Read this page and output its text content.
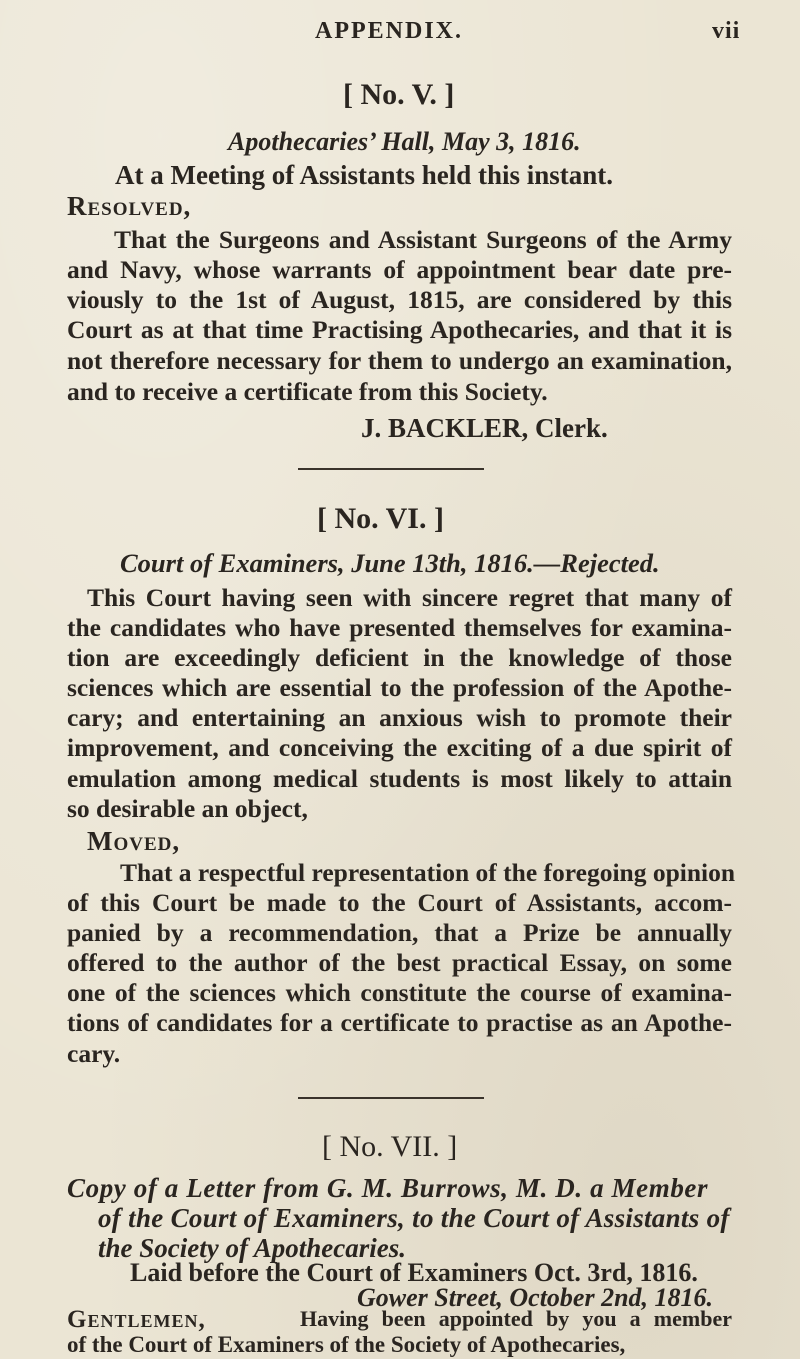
APPENDIX.	vii
[ No. V. ]
Apothecaries’ Hall, May 3, 1816.
At a Meeting of Assistants held this instant.
Resolved,
That the Surgeons and Assistant Surgeons of the Army
and Navy, whose warrants of appointment bear date pre-
viously to the 1st of August, 1815, are considered by this
Court as at that time Practising Apothecaries, and that it is
not therefore necessary for them to undergo an examination,
and to receive a certificate from this Society.
J. BACKLER, Clerk.
[ No. VI. ]
Court of Examiners, June 13th, 1816.—Rejected.
This Court having seen with sincere regret that many of
the candidates who have presented themselves for examina-
tion are exceedingly deficient in the knowledge of those
sciences which are essential to the profession of the Apothe-
cary; and entertaining an anxious wish to promote their
improvement, and conceiving the exciting of a due spirit of
emulation among medical students is most likely to attain
so desirable an object,
Moved,
That a respectful representation of the foregoing opinion
of this Court be made to the Court of Assistants, accom-
panied by a recommendation, that a Prize be annually
offered to the author of the best practical Essay, on some
one of the sciences which constitute the course of examina-
tions of candidates for a certificate to practise as an Apothe-
cary.
[ No. VII. ]
Copy of a Letter from G. M. Burrows, M. D. a Member
of the Court of Examiners, to the Court of Assistants of
the Society of Apothecaries.
Laid before the Court of Examiners Oct. 3rd, 1816.
Gower Street, October 2nd, 1816.
Gentlemen,	Having been appointed by you a member
of the Court of Examiners of the Society of Apothecaries,
